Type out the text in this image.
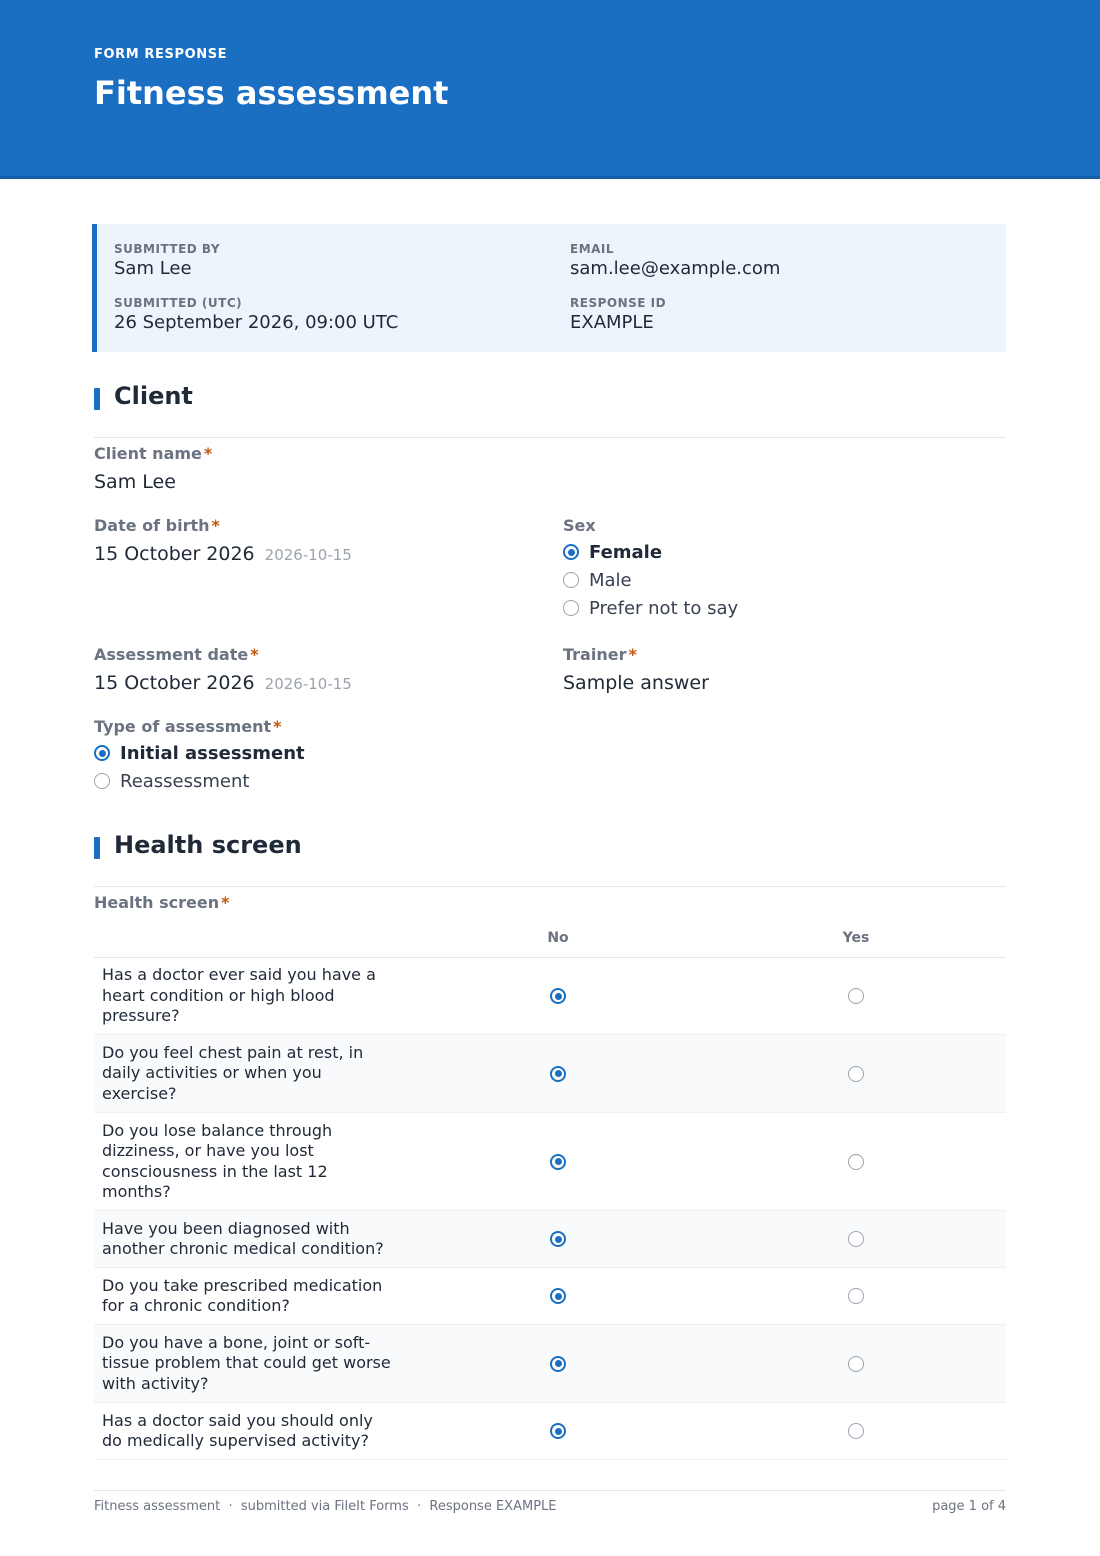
FORM RESPONSE
Fitness assessment
SUBMITTED BY
Sam Lee
EMAIL
sam.lee@example.com
SUBMITTED (UTC)
26 September 2026, 09:00 UTC
RESPONSE ID
EXAMPLE
Client
Client name *
Sam Lee
Date of birth *
15 October 2026 2026-10-15
Sex
Female
Male
Prefer not to say
Assessment date *
15 October 2026 2026-10-15
Trainer *
Sample answer
Type of assessment *
Initial assessment
Reassessment
Health screen
Health screen *
No	Yes
Has a doctor ever said you have a heart condition or high blood pressure?
Do you feel chest pain at rest, in daily activities or when you exercise?
Do you lose balance through dizziness, or have you lost consciousness in the last 12 months?
Have you been diagnosed with another chronic medical condition?
Do you take prescribed medication for a chronic condition?
Do you have a bone, joint or soft-tissue problem that could get worse with activity?
Has a doctor said you should only do medically supervised activity?
Fitness assessment  ·  submitted via FileIt Forms  ·  Response EXAMPLE	page 1 of 4
